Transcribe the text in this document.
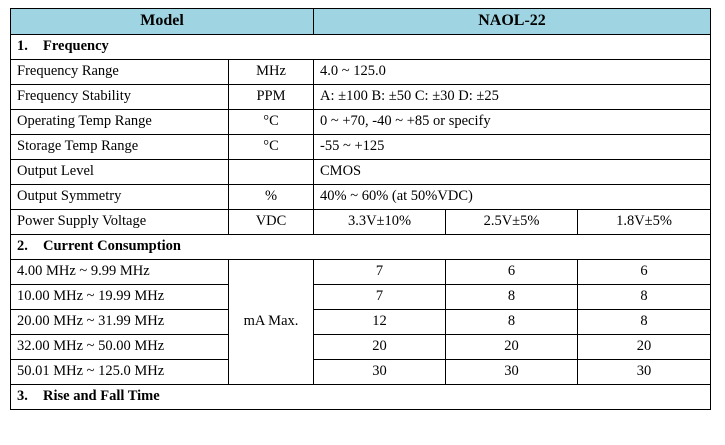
Model		NAOL-22		
1. Frequency				
Frequency Range	MHz	4.0 ~ 125.0		
Frequency Stability	PPM	A: ±100 B: ±50 C: ±30 D: ±25		
Operating Temp Range	°C	0 ~ +70, -40 ~ +85 or specify		
Storage Temp Range	°C	-55 ~ +125		
Output Level		CMOS		
Output Symmetry	%	40% ~ 60% (at 50%VDC)		
Power Supply Voltage	VDC	3.3V±10%	2.5V±5%	1.8V±5%
2. Current Consumption				
4.00 MHz ~ 9.99 MHz	mA Max.	7	6	6
10.00 MHz ~ 19.99 MHz		7	8	8
20.00 MHz ~ 31.99 MHz		12	8	8
32.00 MHz ~ 50.00 MHz		20	20	20
50.01 MHz ~ 125.0 MHz		30	30	30
3. Rise and Fall Time				
